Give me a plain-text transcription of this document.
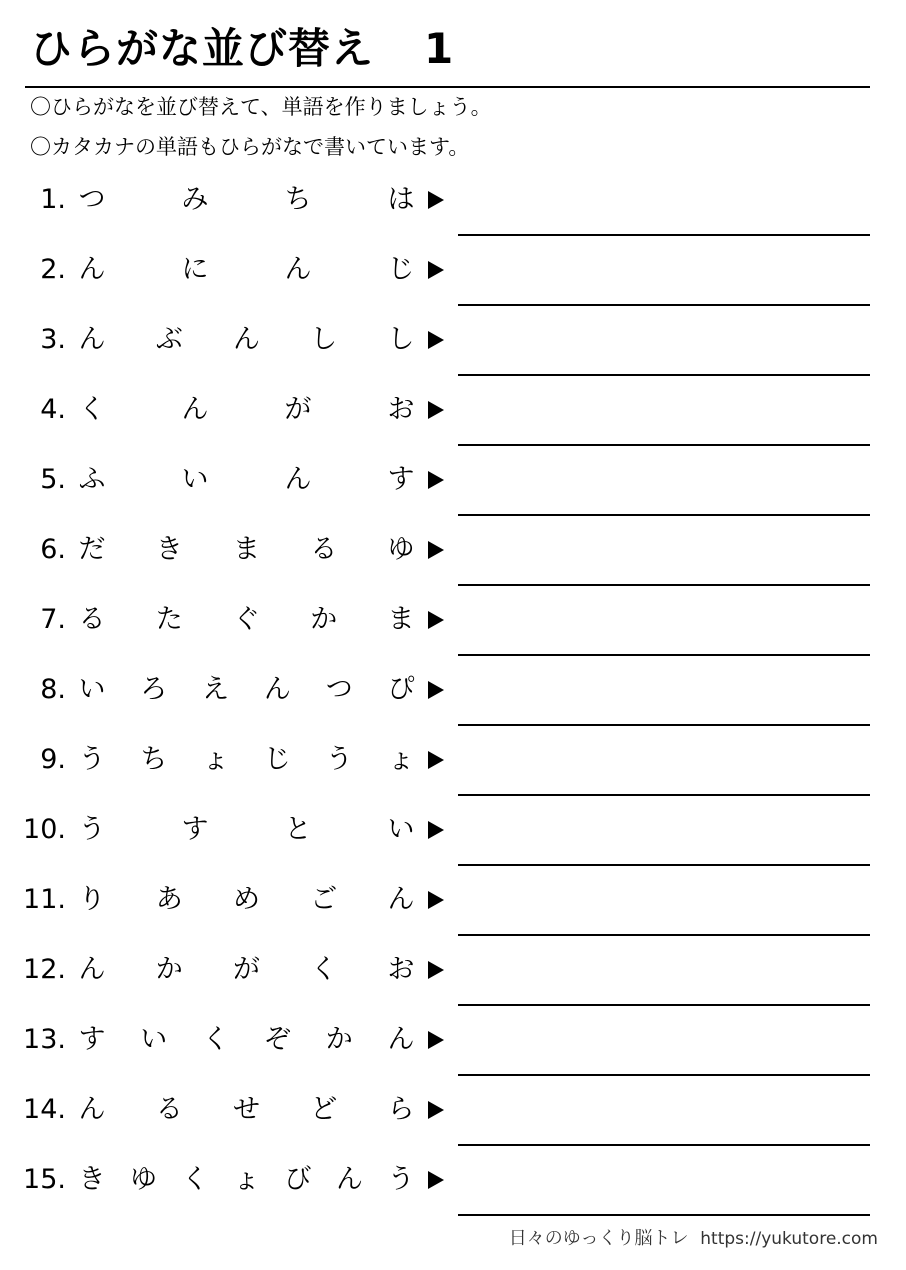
ひらがな並び替え 1
〇ひらがなを並び替えて、単語を作りましょう。
〇カタカナの単語もひらがなで書いています。
1. つ	み	ち	は
2. ん	に	ん	じ
3. ん ぶ ん し し
4. く	ん	が	お
5. ふ	い	ん	す
6. だ き ま る ゆ
7. る た ぐ か ま
8. い ろ え ん つ ぴ
9. う ち ょ じ う ょ
10. う	す	と	い
11. り あ め ご ん
12. ん か が く お
13. す い く ぞ か ん
14. ん る せ ど ら
15. き ゆ く ょ び ん う
日々のゆっくり脳トレ https://yukutore.com
